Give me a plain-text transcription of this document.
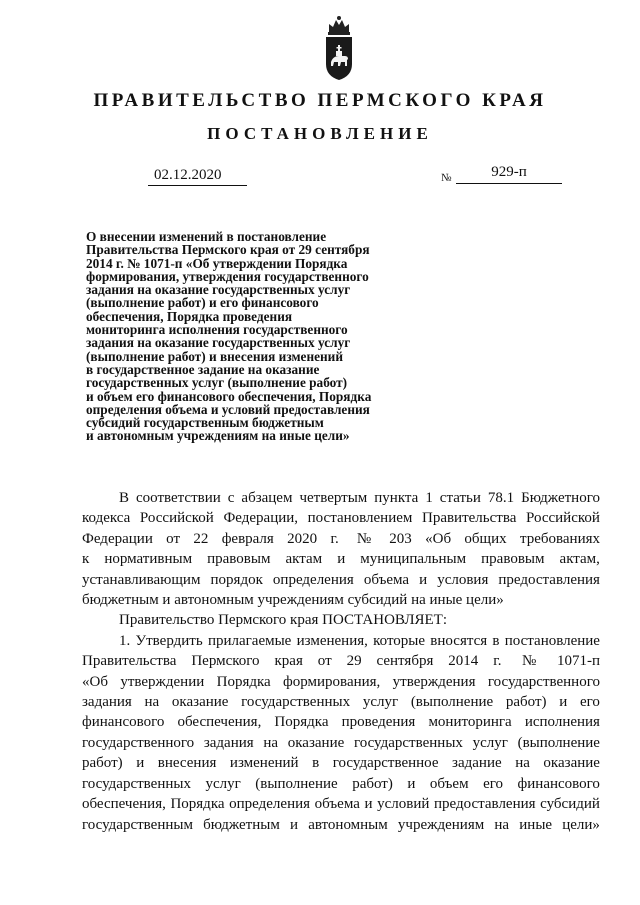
ПРАВИТЕЛЬСТВО ПЕРМСКОГО КРАЯ
ПОСТАНОВЛЕНИЕ
02.12.2020	№	929-п
О внесении изменений в постановление
Правительства Пермского края от 29 сентября
2014 г. № 1071-п «Об утверждении Порядка
формирования, утверждения государственного
задания на оказание государственных услуг
(выполнение работ) и его финансового
обеспечения, Порядка проведения
мониторинга исполнения государственного
задания на оказание государственных услуг
(выполнение работ) и внесения изменений
в государственное задание на оказание
государственных услуг (выполнение работ)
и объем его финансового обеспечения, Порядка
определения объема и условий предоставления
субсидий государственным бюджетным
и автономным учреждениям на иные цели»
В соответствии с абзацем четвертым пункта 1 статьи 78.1 Бюджетного
кодекса Российской Федерации, постановлением Правительства Российской
Федерации от 22 февраля 2020 г. № 203 «Об общих требованиях
к нормативным правовым актам и муниципальным правовым актам,
устанавливающим порядок определения объема и условия предоставления
бюджетным и автономным учреждениям субсидий на иные цели»
Правительство Пермского края ПОСТАНОВЛЯЕТ:
1. Утвердить прилагаемые изменения, которые вносятся в постановление
Правительства Пермского края от 29 сентября 2014 г. № 1071-п
«Об утверждении Порядка формирования, утверждения государственного
задания на оказание государственных услуг (выполнение работ) и его
финансового обеспечения, Порядка проведения мониторинга исполнения
государственного задания на оказание государственных услуг (выполнение
работ) и внесения изменений в государственное задание на оказание
государственных услуг (выполнение работ) и объем его финансового
обеспечения, Порядка определения объема и условий предоставления субсидий
государственным бюджетным и автономным учреждениям на иные цели»
